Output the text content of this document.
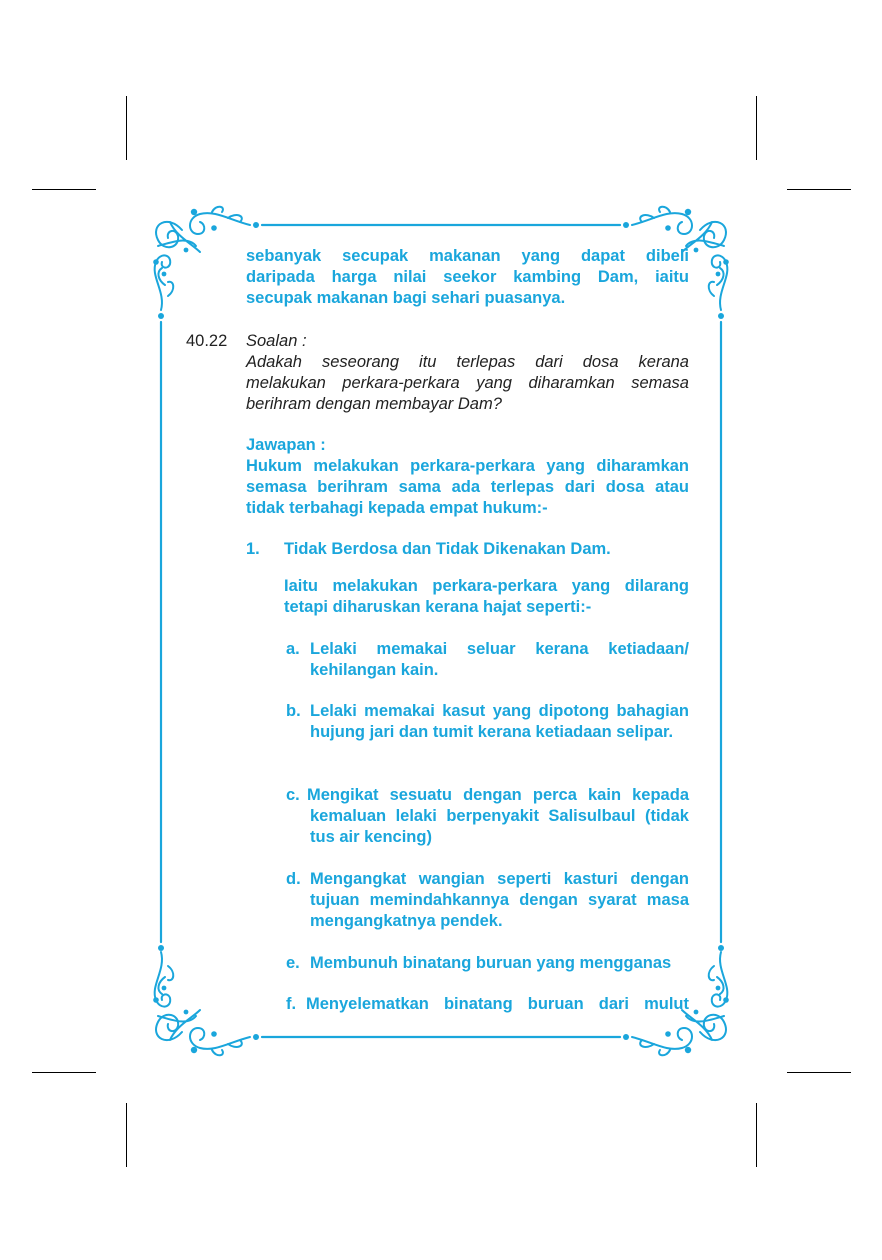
sebanyak secupak makanan yang dapat dibeli
daripada harga nilai seekor kambing Dam, iaitu
secupak makanan bagi sehari puasanya.
40.22 Soalan :
Adakah seseorang itu terlepas dari dosa kerana
melakukan perkara-perkara yang diharamkan semasa
berihram dengan membayar Dam?
Jawapan :
Hukum melakukan perkara-perkara yang diharamkan
semasa berihram sama ada terlepas dari dosa atau
tidak terbahagi kepada empat hukum:-
1. Tidak Berdosa dan Tidak Dikenakan Dam.
Iaitu melakukan perkara-perkara yang dilarang
tetapi diharuskan kerana hajat seperti:-
a. Lelaki memakai seluar kerana ketiadaan/
kehilangan kain.
b. Lelaki memakai kasut yang dipotong bahagian
hujung jari dan tumit kerana ketiadaan selipar.
c. Mengikat sesuatu dengan perca kain kepada
kemaluan lelaki berpenyakit Salisulbaul (tidak
tus air kencing)
d. Mengangkat wangian seperti kasturi dengan
tujuan memindahkannya dengan syarat masa
mengangkatnya pendek.
e. Membunuh binatang buruan yang mengganas
f. Menyelematkan binatang buruan dari mulut
